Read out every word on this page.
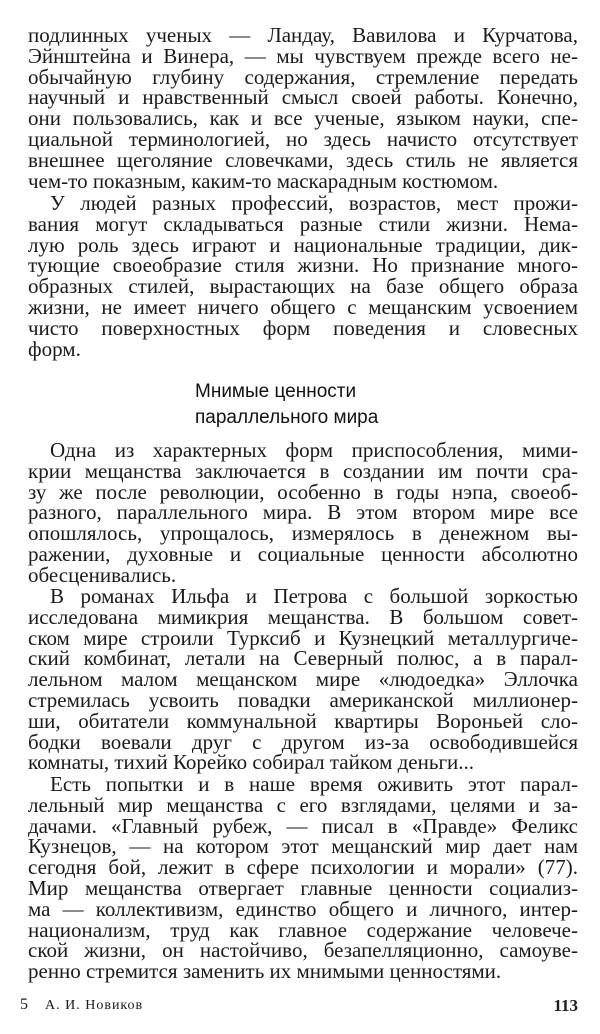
подлинных ученых — Ландау, Вавилова и Курчатова,
Эйнштейна и Винера, — мы чувствуем прежде всего не-
обычайную глубину содержания, стремление передать
научный и нравственный смысл своей работы. Конечно,
они пользовались, как и все ученые, языком науки, спе-
циальной терминологией, но здесь начисто отсутствует
внешнее щеголяние словечками, здесь стиль не является
чем-то показным, каким-то маскарадным костюмом.
У людей разных профессий, возрастов, мест прожи-
вания могут складываться разные стили жизни. Нема-
лую роль здесь играют и национальные традиции, дик-
тующие своеобразие стиля жизни. Но признание много-
образных стилей, вырастающих на базе общего образа
жизни, не имеет ничего общего с мещанским усвоением
чисто поверхностных форм поведения и словесных
форм.
Мнимые ценности
параллельного мира
Одна из характерных форм приспособления, мими-
крии мещанства заключается в создании им почти сра-
зу же после революции, особенно в годы нэпа, своеоб-
разного, параллельного мира. В этом втором мире все
опошлялось, упрощалось, измерялось в денежном вы-
ражении, духовные и социальные ценности абсолютно
обесценивались.
В романах Ильфа и Петрова с большой зоркостью
исследована мимикрия мещанства. В большом совет-
ском мире строили Турксиб и Кузнецкий металлургиче-
ский комбинат, летали на Северный полюс, а в парал-
лельном малом мещанском мире «людоедка» Эллочка
стремилась усвоить повадки американской миллионер-
ши, обитатели коммунальной квартиры Вороньей сло-
бодки воевали друг с другом из-за освободившейся
комнаты, тихий Корейко собирал тайком деньги...
Есть попытки и в наше время оживить этот парал-
лельный мир мещанства с его взглядами, целями и за-
дачами. «Главный рубеж, — писал в «Правде» Феликс
Кузнецов, — на котором этот мещанский мир дает нам
сегодня бой, лежит в сфере психологии и морали» (77).
Мир мещанства отвергает главные ценности социализ-
ма — коллективизм, единство общего и личного, интер-
национализм, труд как главное содержание человече-
ской жизни, он настойчиво, безапелляционно, самоуве-
ренно стремится заменить их мнимыми ценностями.
5 А. И. Новиков	113
